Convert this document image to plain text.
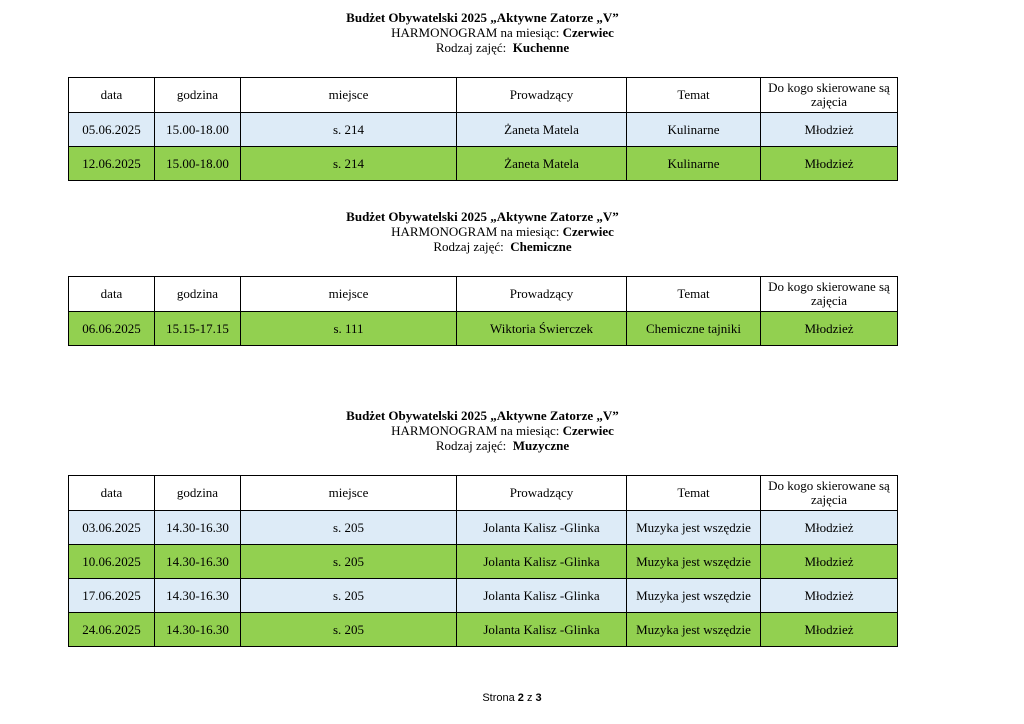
Budżet Obywatelski 2025 „Aktywne Zatorze „V”
HARMONOGRAM na miesiąc: Czerwiec
Rodzaj zajęć: Kuchenne
data	godzina	miejsce	Prowadzący	Temat	Do kogo skierowane są zajęcia
05.06.2025	15.00-18.00	s. 214	Żaneta Matela	Kulinarne	Młodzież
12.06.2025	15.00-18.00	s. 214	Żaneta Matela	Kulinarne	Młodzież
Budżet Obywatelski 2025 „Aktywne Zatorze „V”
HARMONOGRAM na miesiąc: Czerwiec
Rodzaj zajęć: Chemiczne
data	godzina	miejsce	Prowadzący	Temat	Do kogo skierowane są zajęcia
06.06.2025	15.15-17.15	s. 111	Wiktoria Świerczek	Chemiczne tajniki	Młodzież
Budżet Obywatelski 2025 „Aktywne Zatorze „V”
HARMONOGRAM na miesiąc: Czerwiec
Rodzaj zajęć: Muzyczne
data	godzina	miejsce	Prowadzący	Temat	Do kogo skierowane są zajęcia
03.06.2025	14.30-16.30	s. 205	Jolanta Kalisz -Glinka	Muzyka jest wszędzie	Młodzież
10.06.2025	14.30-16.30	s. 205	Jolanta Kalisz -Glinka	Muzyka jest wszędzie	Młodzież
17.06.2025	14.30-16.30	s. 205	Jolanta Kalisz -Glinka	Muzyka jest wszędzie	Młodzież
24.06.2025	14.30-16.30	s. 205	Jolanta Kalisz -Glinka	Muzyka jest wszędzie	Młodzież
Strona 2 z 3
